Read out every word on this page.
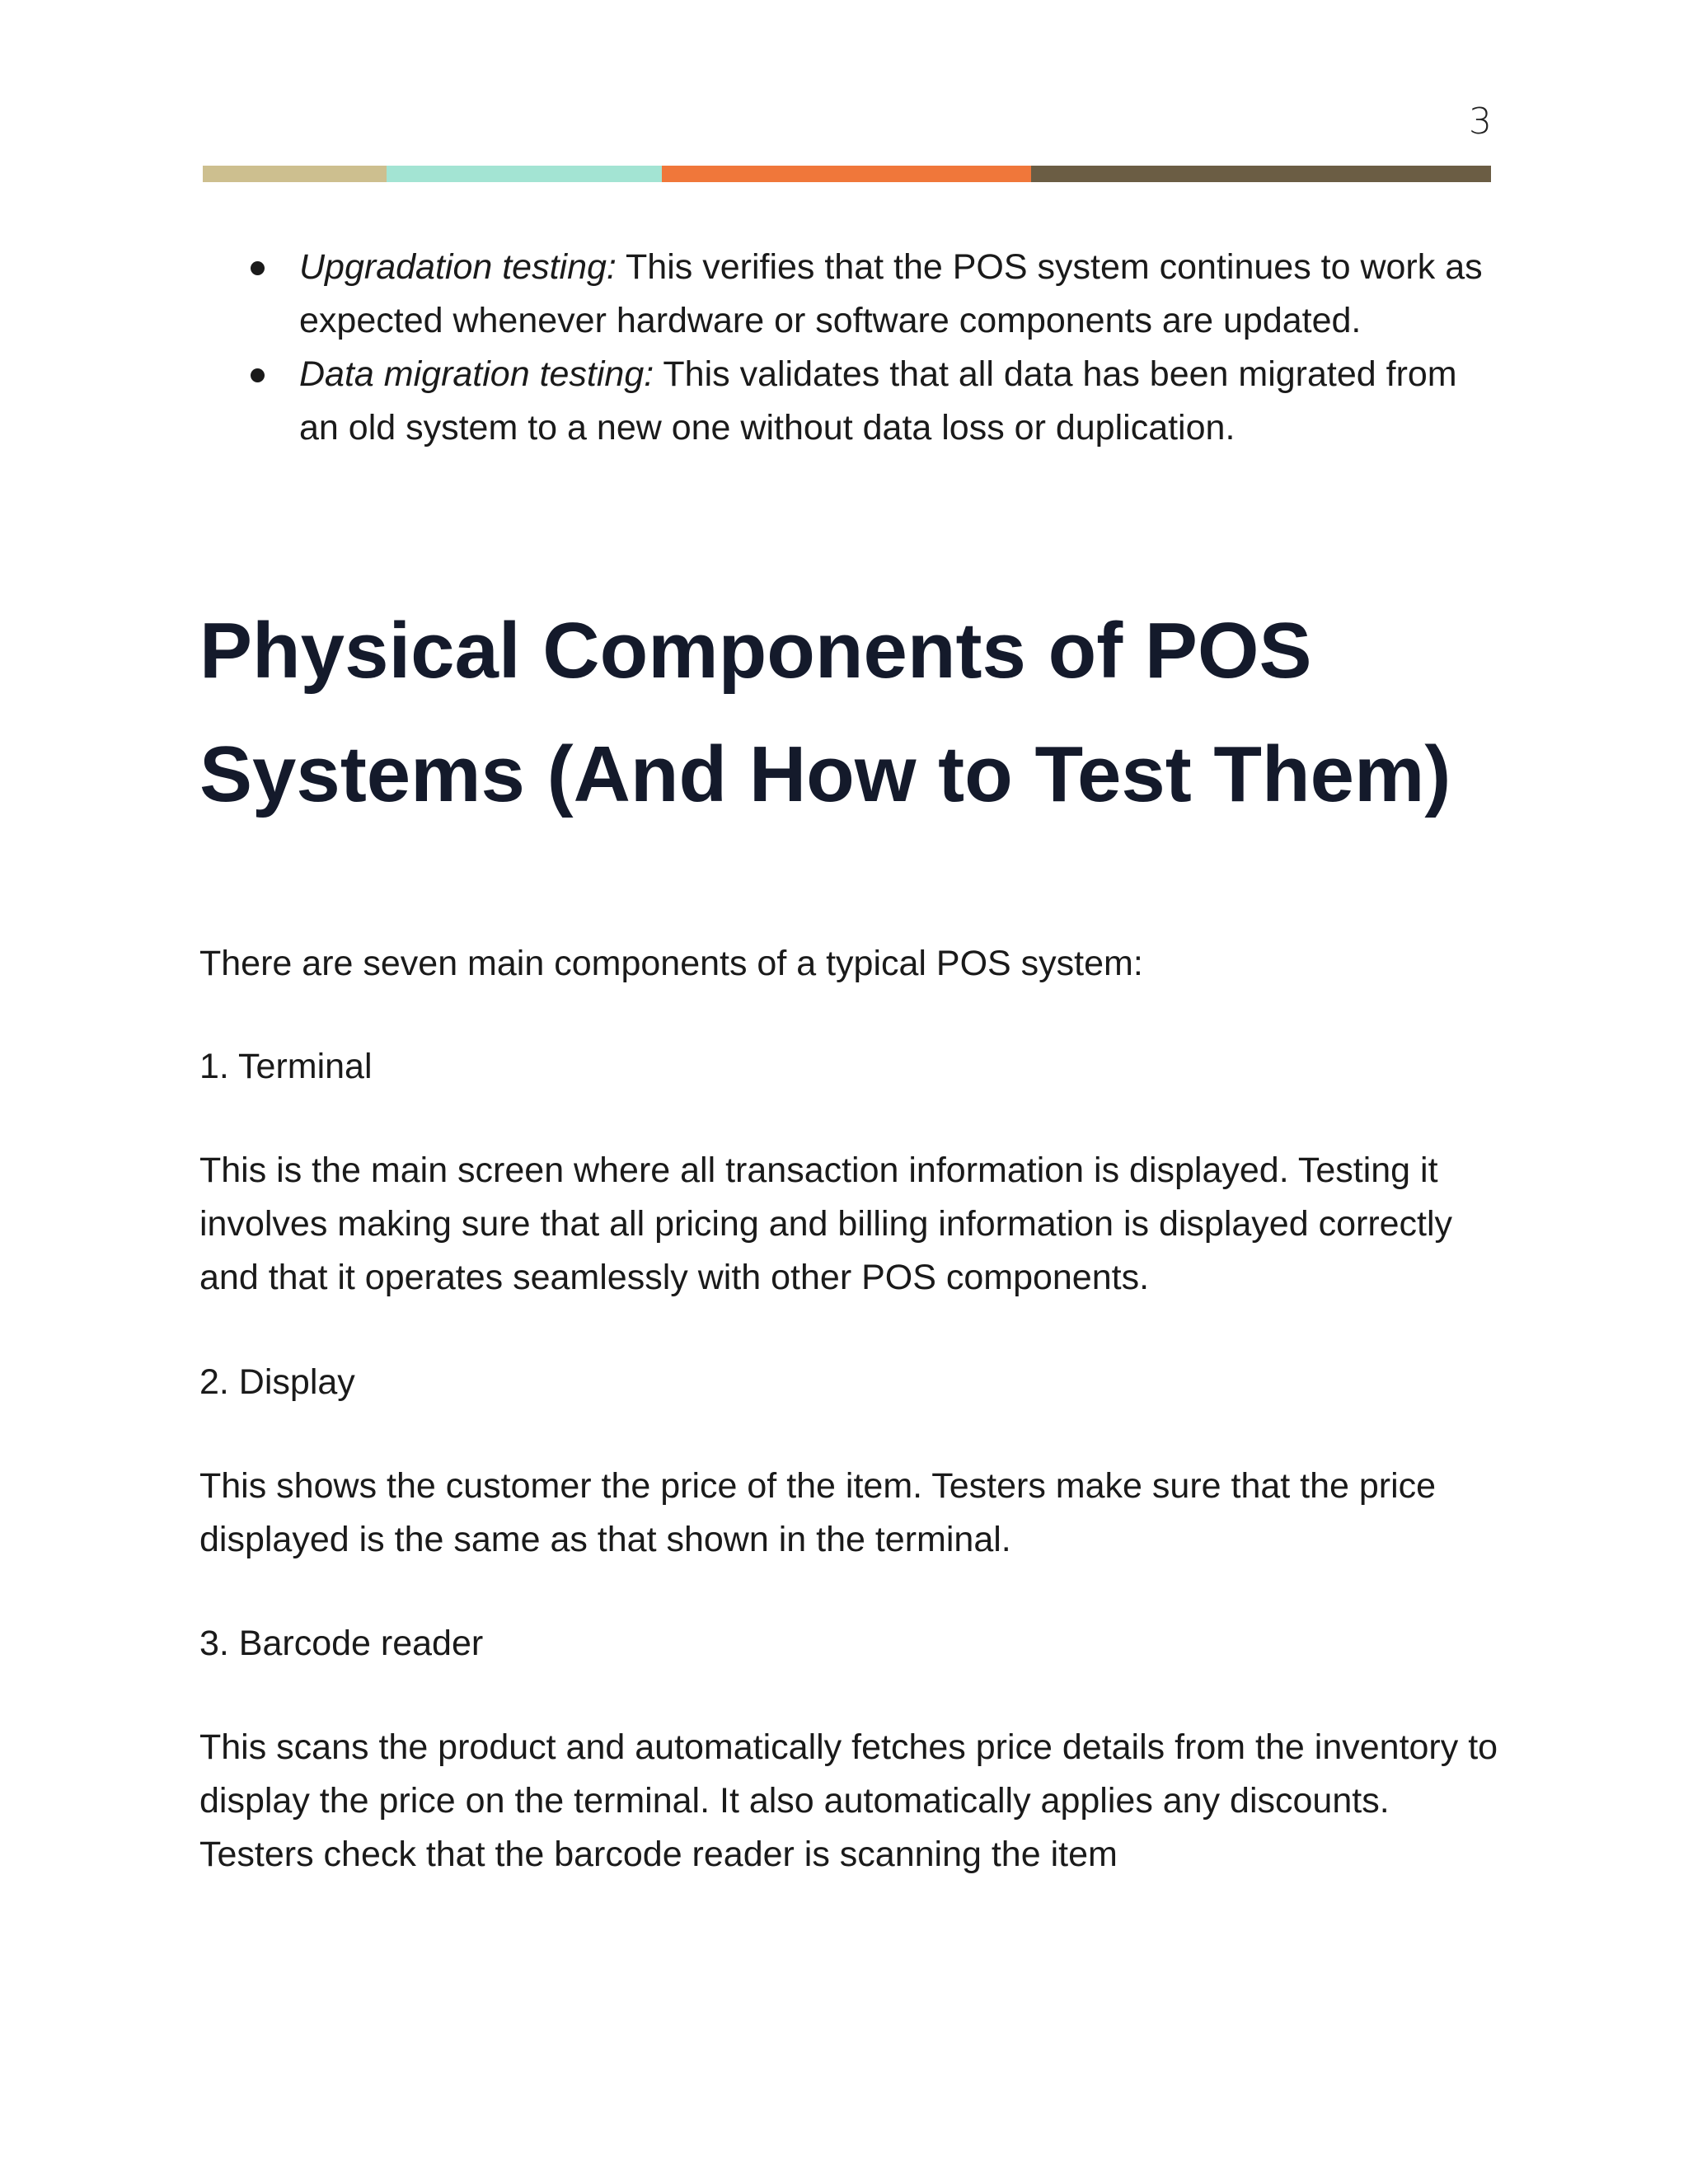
3
Upgradation testing: This verifies that the POS system continues to work as expected whenever hardware or software components are updated.
Data migration testing: This validates that all data has been migrated from an old system to a new one without data loss or duplication.
Physical Components of POS Systems (And How to Test Them)

There are seven main components of a typical POS system:

1. Terminal

This is the main screen where all transaction information is displayed. Testing it involves making sure that all pricing and billing information is displayed correctly and that it operates seamlessly with other POS components.

2. Display

This shows the customer the price of the item. Testers make sure that the price displayed is the same as that shown in the terminal.

3. Barcode reader

This scans the product and automatically fetches price details from the inventory to display the price on the terminal. It also automatically applies any discounts. Testers check that the barcode reader is scanning the item
